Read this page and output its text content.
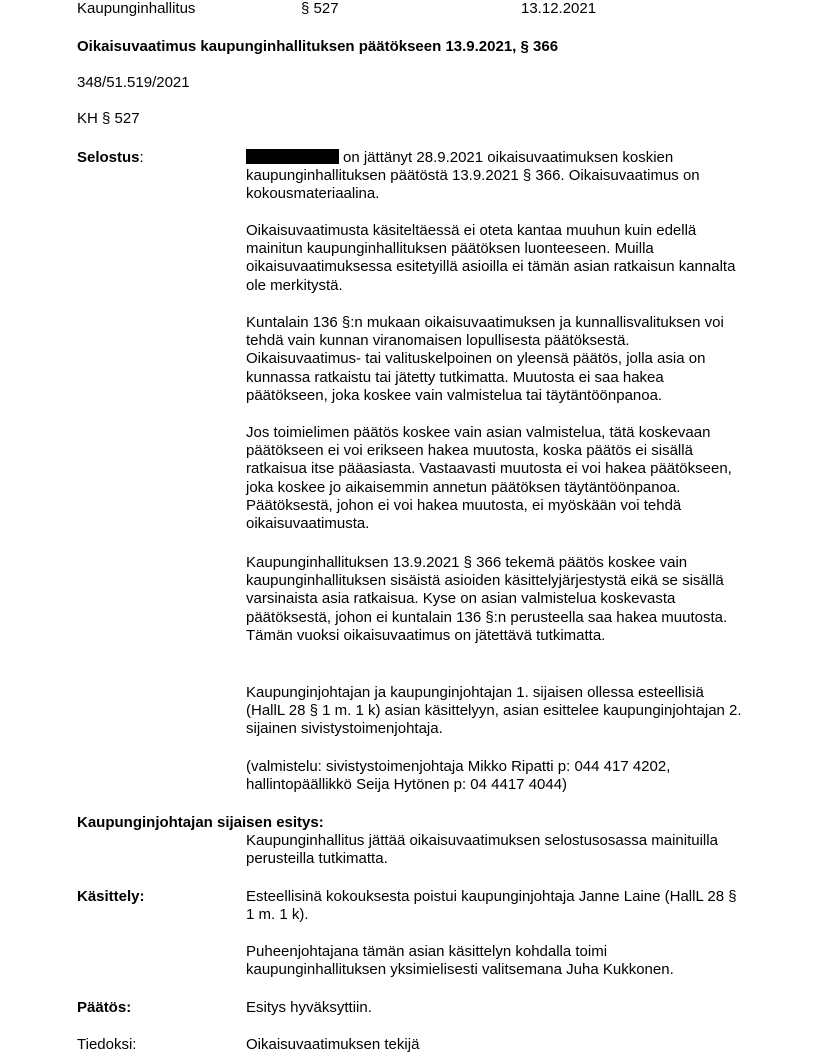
Kaupunginhallitus	§ 527	13.12.2021
Oikaisuvaatimus kaupunginhallituksen päätökseen 13.9.2021, § 366
348/51.519/2021
KH § 527
Selostus:	on jättänyt 28.9.2021 oikaisuvaatimuksen koskien kaupunginhallituksen päätöstä 13.9.2021 § 366. Oikaisuvaatimus on kokousmateriaalina.
Oikaisuvaatimusta käsiteltäessä ei oteta kantaa muuhun kuin edellä mainitun kaupunginhallituksen päätöksen luonteeseen. Muilla oikaisuvaatimuksessa esitetyillä asioilla ei tämän asian ratkaisun kannalta ole merkitystä.
Kuntalain 136 §:n mukaan oikaisuvaatimuksen ja kunnallisvalituksen voi tehdä vain kunnan viranomaisen lopullisesta päätöksestä. Oikaisuvaatimus- tai valituskelpoinen on yleensä päätös, jolla asia on kunnassa ratkaistu tai jätetty tutkimatta. Muutosta ei saa hakea päätökseen, joka koskee vain valmistelua tai täytäntöönpanoa.
Jos toimielimen päätös koskee vain asian valmistelua, tätä koskevaan päätökseen ei voi erikseen hakea muutosta, koska päätös ei sisällä ratkaisua itse pääasiasta. Vastaavasti muutosta ei voi hakea päätökseen, joka koskee jo aikaisemmin annetun päätöksen täytäntöönpanoa. Päätöksestä, johon ei voi hakea muutosta, ei myöskään voi tehdä oikaisuvaatimusta.
Kaupunginhallituksen 13.9.2021 § 366 tekemä päätös koskee vain kaupunginhallituksen sisäistä asioiden käsittelyjärjestystä eikä se sisällä varsinaista asia ratkaisua. Kyse on asian valmistelua koskevasta päätöksestä, johon ei kuntalain 136 §:n perusteella saa hakea muutosta. Tämän vuoksi oikaisuvaatimus on jätettävä tutkimatta.
Kaupunginjohtajan ja kaupunginjohtajan 1. sijaisen ollessa esteellisiä (HallL 28 § 1 m. 1 k) asian käsittelyyn, asian esittelee kaupunginjohtajan 2. sijainen sivistystoimenjohtaja.
(valmistelu: sivistystoimenjohtaja Mikko Ripatti p: 044 417 4202, hallintopäällikkö Seija Hytönen p: 04 4417 4044)
Kaupunginjohtajan sijaisen esitys:
Kaupunginhallitus jättää oikaisuvaatimuksen selostusosassa mainituilla perusteilla tutkimatta.
Käsittely:	Esteellisinä kokouksesta poistui kaupunginjohtaja Janne Laine (HallL 28 § 1 m. 1 k).
Puheenjohtajana tämän asian käsittelyn kohdalla toimi kaupunginhallituksen yksimielisesti valitsemana Juha Kukkonen.
Päätös:	Esitys hyväksyttiin.
Tiedoksi:	Oikaisuvaatimuksen tekijä
